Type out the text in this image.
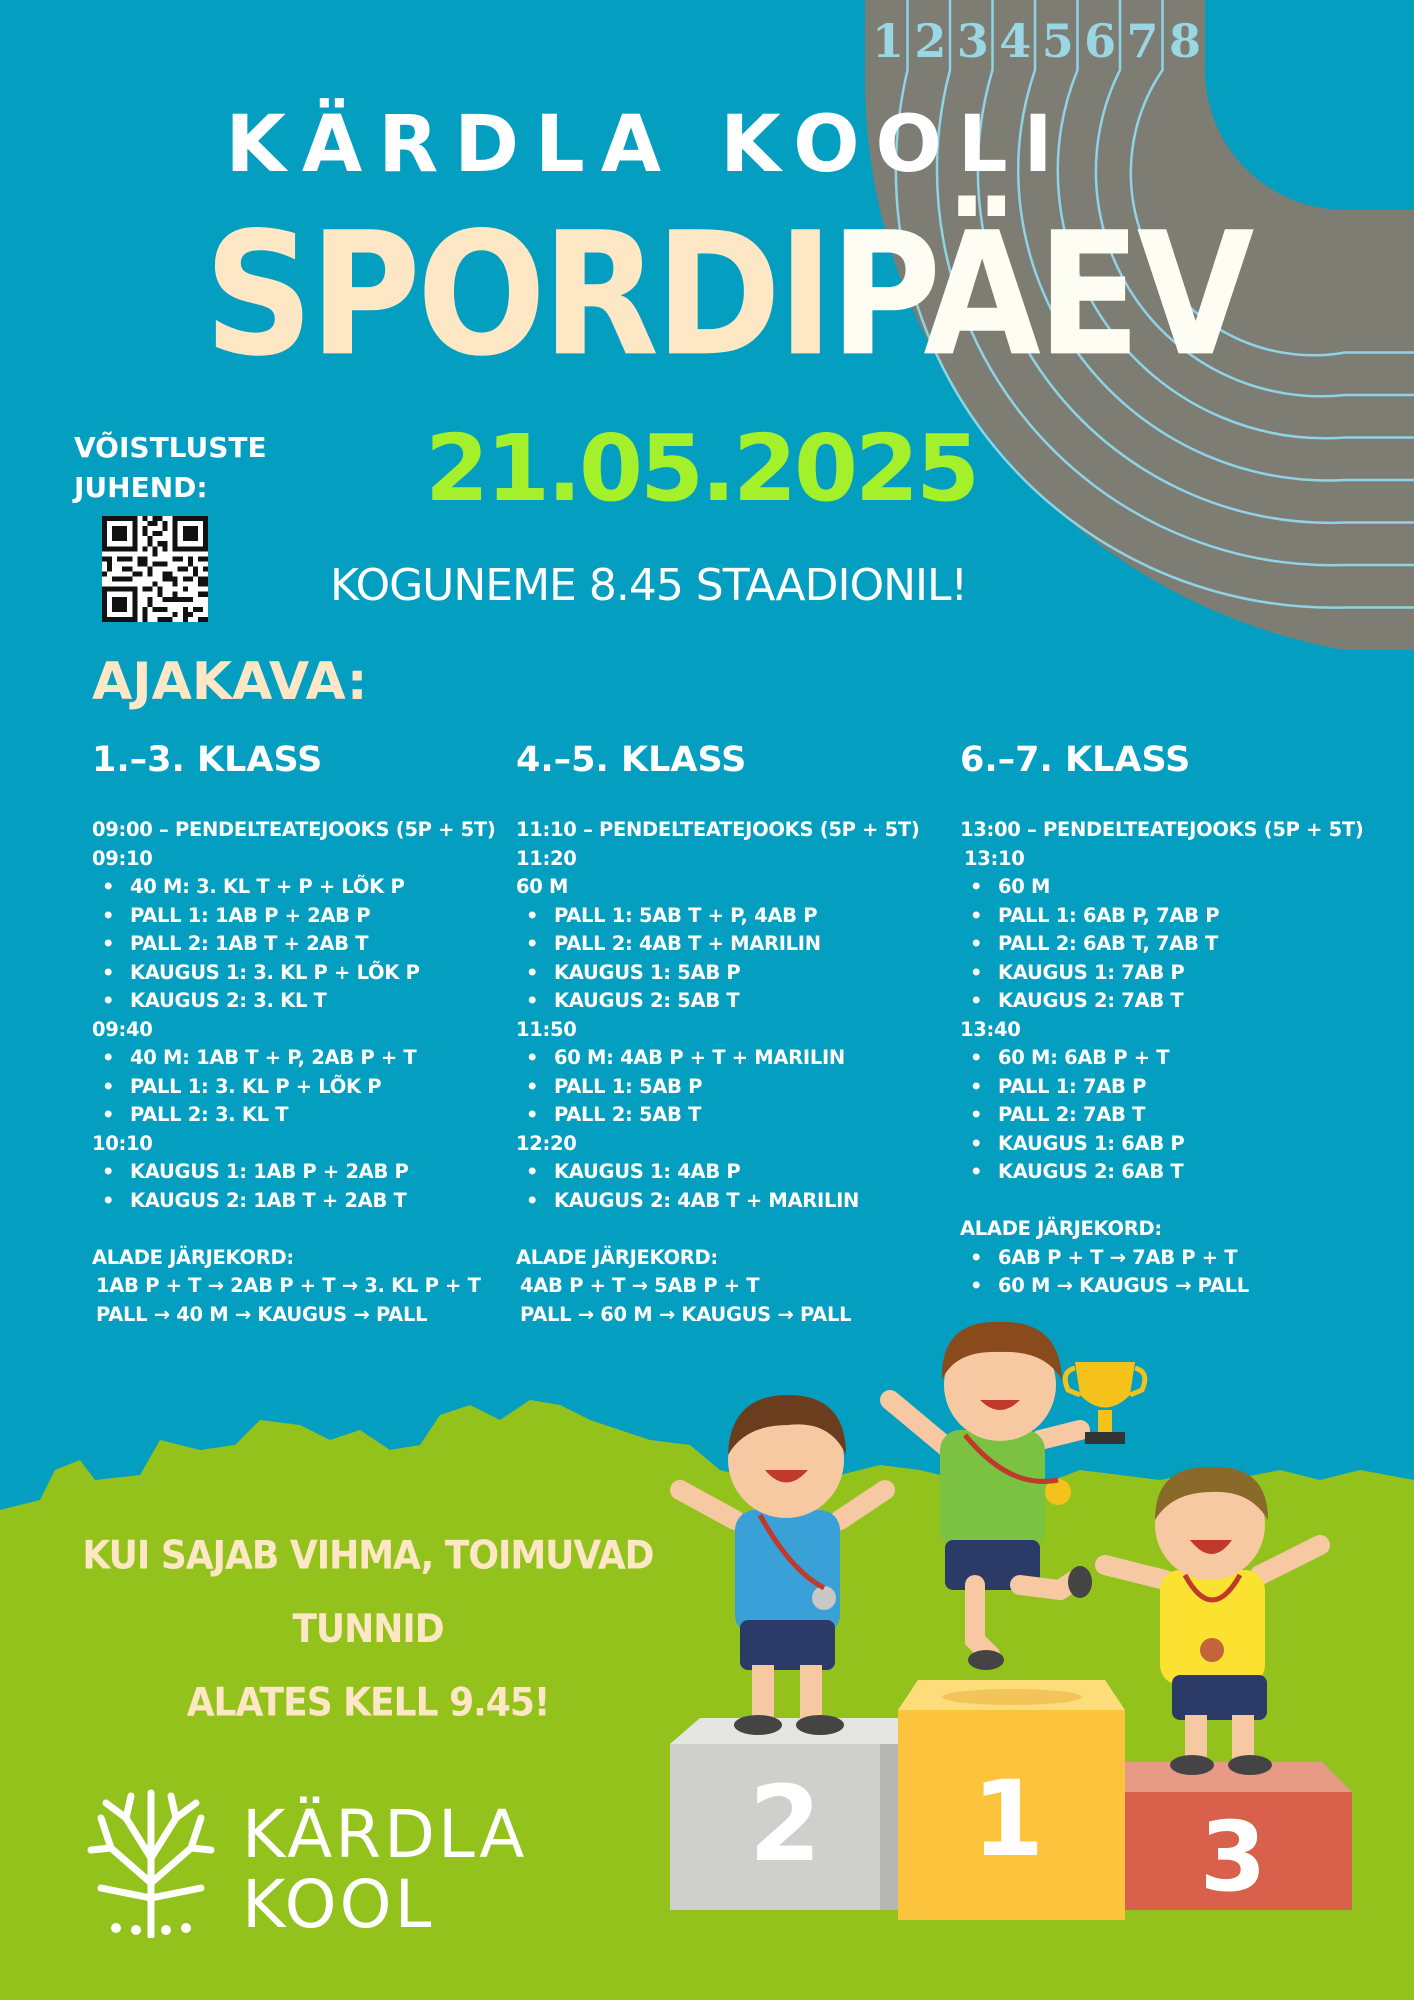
1 2 3 4 5 6 7 8
KÄRDLA KOOLI
SPORDIPÄEV
VÕISTLUSTE
JUHEND:	21.05.2025
KOGUNEME 8.45 STAADIONIL!
AJAKAVA:
1.–3. KLASS
09:00 – PENDELTEATEJOOKS (5P + 5T)
09:10
• 40 M: 3. KL T + P + LÕK P
• PALL 1: 1AB P + 2AB P
• PALL 2: 1AB T + 2AB T
• KAUGUS 1: 3. KL P + LÕK P
• KAUGUS 2: 3. KL T
09:40
• 40 M: 1AB T + P, 2AB P + T
• PALL 1: 3. KL P + LÕK P
• PALL 2: 3. KL T
10:10
• KAUGUS 1: 1AB P + 2AB P
• KAUGUS 2: 1AB T + 2AB T
ALADE JÄRJEKORD:
1AB P + T → 2AB P + T → 3. KL P + T
PALL → 40 M → KAUGUS → PALL
4.–5. KLASS
11:10 – PENDELTEATEJOOKS (5P + 5T)
11:20
60 M
• PALL 1: 5AB T + P, 4AB P
• PALL 2: 4AB T + MARILIN
• KAUGUS 1: 5AB P
• KAUGUS 2: 5AB T
11:50
• 60 M: 4AB P + T + MARILIN
• PALL 1: 5AB P
• PALL 2: 5AB T
12:20
• KAUGUS 1: 4AB P
• KAUGUS 2: 4AB T + MARILIN
ALADE JÄRJEKORD:
4AB P + T → 5AB P + T
PALL → 60 M → KAUGUS → PALL
6.–7. KLASS
13:00 – PENDELTEATEJOOKS (5P + 5T)
13:10
• 60 M
• PALL 1: 6AB P, 7AB P
• PALL 2: 6AB T, 7AB T
• KAUGUS 1: 7AB P
• KAUGUS 2: 7AB T
13:40
• 60 M: 6AB P + T
• PALL 1: 7AB P
• PALL 2: 7AB T
• KAUGUS 1: 6AB P
• KAUGUS 2: 6AB T
ALADE JÄRJEKORD:
• 6AB P + T → 7AB P + T
• 60 M → KAUGUS → PALL
2 1 3
KUI SAJAB VIHMA, TOIMUVAD TUNNID
ALATES KELL 9.45!
KÄRDLA
KOOL
